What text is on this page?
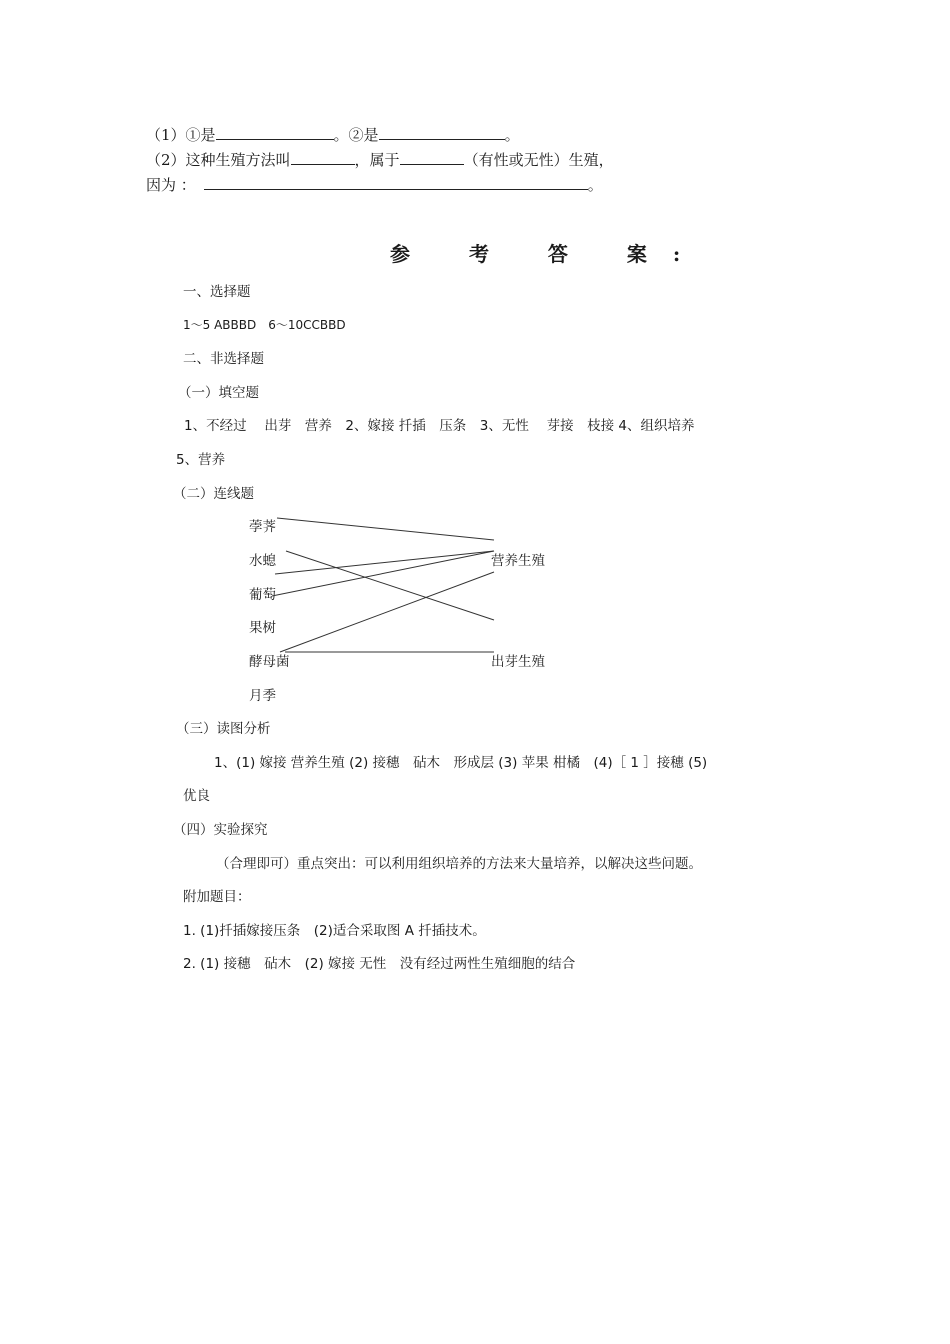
（1）①是	。②是	。
（2）这种生殖方法叫	，属于	（有性或无性）生殖，
因为 ：	。
参 考 答 案:
一、选择题
1～5 ABBBD　6～10CCBBD
二、非选择题
（一）填空题
1、不经过　 出芽　营养　2、嫁接 扦插　压条　3、无性　 芽接　枝接 4、组织培养
5、营养
（二）连线题
荸荠
水螅
葡萄
果树
酵母菌
月季
营养生殖
出芽生殖
（三）读图分析
1、(1) 嫁接 营养生殖 (2) 接穗　砧木　形成层 (3) 苹果 柑橘　(4)［ 1 ］接穗 (5)
优良
（四）实验探究
（合理即可）重点突出：可以利用组织培养的方法来大量培养，以解决这些问题。
附加题目：
1. (1)扦插嫁接压条　(2)适合采取图 A 扦插技术。
2. (1) 接穗　砧木　(2) 嫁接 无性　没有经过两性生殖细胞的结合
